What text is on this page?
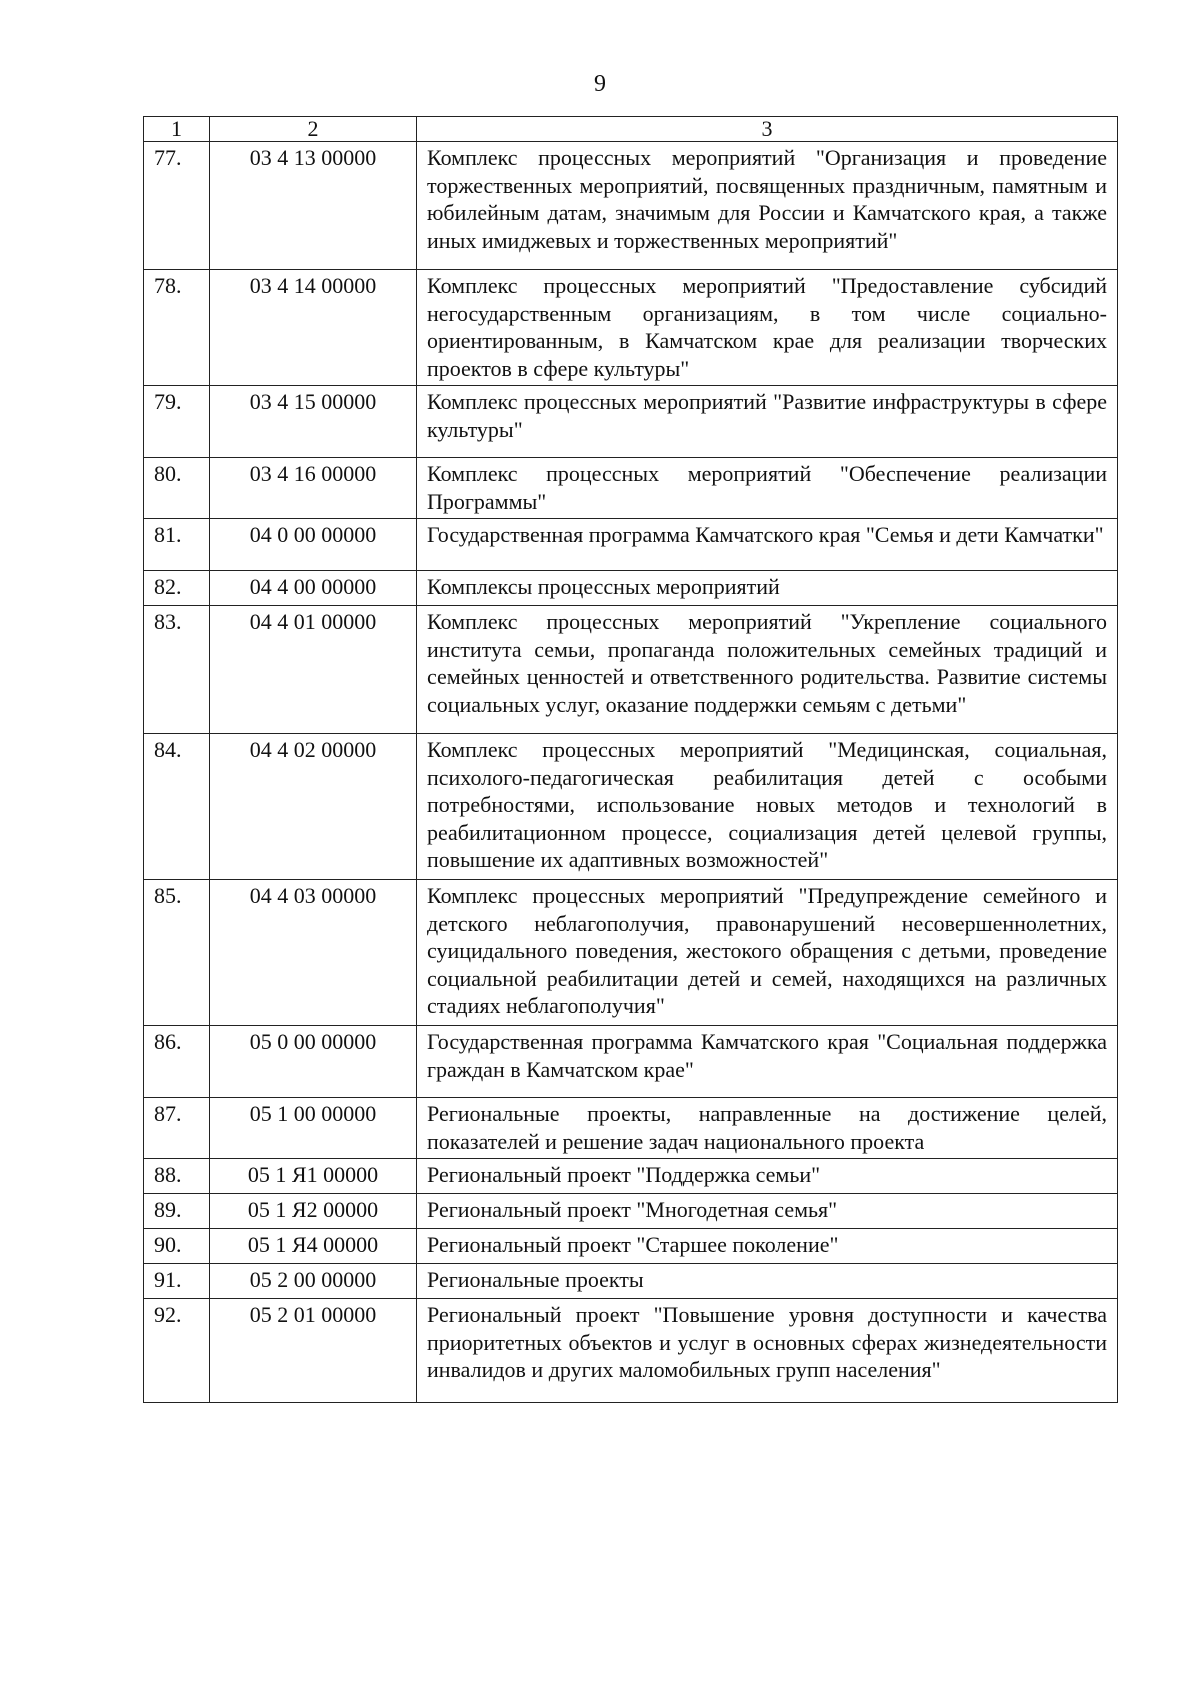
9
1	2	3
77.	03 4 13 00000	Комплекс процессных мероприятий "Организация и проведение торжественных мероприятий, посвященных праздничным, памятным и юбилейным датам, значимым для России и Камчатского края, а также иных имиджевых и торжественных мероприятий"
78.	03 4 14 00000	Комплекс процессных мероприятий "Предоставление субсидий негосударственным организациям, в том числе социально-ориентированным, в Камчатском крае для реализации творческих проектов в сфере культуры"
79.	03 4 15 00000	Комплекс процессных мероприятий "Развитие инфраструктуры в сфере культуры"
80.	03 4 16 00000	Комплекс процессных мероприятий "Обеспечение реализации Программы"
81.	04 0 00 00000	Государственная программа Камчатского края "Семья и дети Камчатки"
82.	04 4 00 00000	Комплексы процессных мероприятий
83.	04 4 01 00000	Комплекс процессных мероприятий "Укрепление социального института семьи, пропаганда положительных семейных традиций и семейных ценностей и ответственного родительства. Развитие системы социальных услуг, оказание поддержки семьям с детьми"
84.	04 4 02 00000	Комплекс процессных мероприятий "Медицинская, социальная, психолого-педагогическая реабилитация детей с особыми потребностями, использование новых методов и технологий в реабилитационном процессе, социализация детей целевой группы, повышение их адаптивных возможностей"
85.	04 4 03 00000	Комплекс процессных мероприятий "Предупреждение семейного и детского неблагополучия, правонарушений несовершеннолетних, суицидального поведения, жестокого обращения с детьми, проведение социальной реабилитации детей и семей, находящихся на различных стадиях неблагополучия"
86.	05 0 00 00000	Государственная программа Камчатского края "Социальная поддержка граждан в Камчатском крае"
87.	05 1 00 00000	Региональные проекты, направленные на достижение целей, показателей и решение задач национального проекта
88.	05 1 Я1 00000	Региональный проект "Поддержка семьи"
89.	05 1 Я2 00000	Региональный проект "Многодетная семья"
90.	05 1 Я4 00000	Региональный проект "Старшее поколение"
91.	05 2 00 00000	Региональные проекты
92.	05 2 01 00000	Региональный проект "Повышение уровня доступности и качества приоритетных объектов и услуг в основных сферах жизнедеятельности инвалидов и других маломобильных групп населения"
